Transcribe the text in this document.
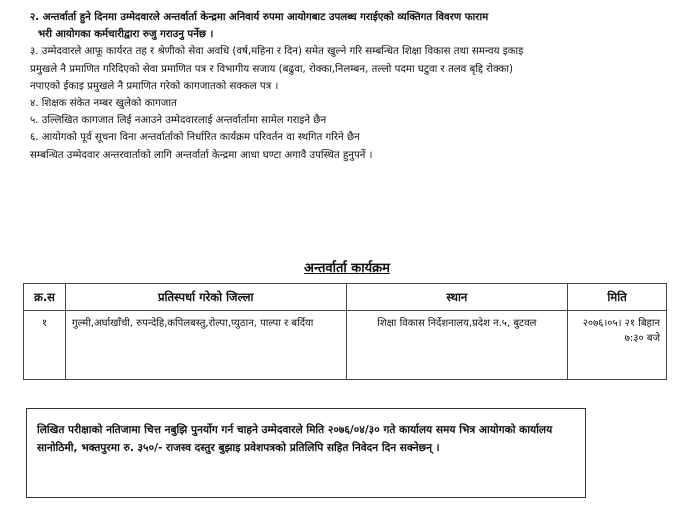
२. अन्तर्वार्ता हुने दिनमा उम्मेदवारले अन्तर्वार्ता केन्द्रमा अनिवार्य रुपमा आयोगबाट उपलब्ध गराईएको व्यक्तिगत विवरण फाराम
भरी आयोगका कर्मचारीद्वारा रुजु गराउनु पर्नेछ ।
३. उम्मेदवारले आफू कार्यरत तह र श्रेणीको सेवा अवधि (वर्ष,महिना र दिन) समेत खुल्ने गरि सम्बन्धित शिक्षा विकास तथा समन्वय इकाइ
प्रमुखले नै प्रमाणित गरिदिएको सेवा प्रमाणित पत्र र विभागीय सजाय (बढुवा, रोक्का,निलम्बन, तल्लो पदमा घटुवा र तलव बृद्दि रोक्का)
नपाएको ईकाइ प्रमुखले नै प्रमाणित गरेको कागजातको सक्कल पत्र ।
४. शिक्षक संकेत नम्बर खुलेको कागजात
५. उल्लिखित कागजात लिई नआउने उम्मेदवारलाई अन्तर्वार्तामा सामेल गराइने छैन
६. आयोगको पूर्व सूचना विना अन्तर्वार्ताको निर्धारित कार्यक्रम परिवर्तन वा स्थगित गरिने छैन
सम्बन्धित उम्मेदवार अन्तरवार्ताको लागि अन्तर्वार्ता केन्द्रमा आधा घण्टा अगावै उपस्थित हुनुपर्ने ।
अन्तर्वार्ता कार्यक्रम
क्र.स	प्रतिस्पर्धा गरेको जिल्ला	स्थान	मिति
१	गुल्मी,अर्घाखाँची, रुपन्देहि,कपिलबस्तु,रोल्पा,प्युठान, पाल्पा र बर्दिया	शिक्षा विकास निर्देशनालय,प्रदेश न.५, बुटवल	२०७६।०५। २१ बिहान
७:३० बजे
लिखित परीक्षाको नतिजामा चित्त नबुझि पुनर्योग गर्न चाहने उम्मेदवारले मिति २०७६/०४/३० गते कार्यालय समय भित्र आयोगको कार्यालय सानोठिमी, भक्तपुरमा रु. ३५०/- राजस्व दस्तुर बुझाइ प्रवेशपत्रको प्रतिलिपि सहित निवेदन दिन सक्नेछन् ।
